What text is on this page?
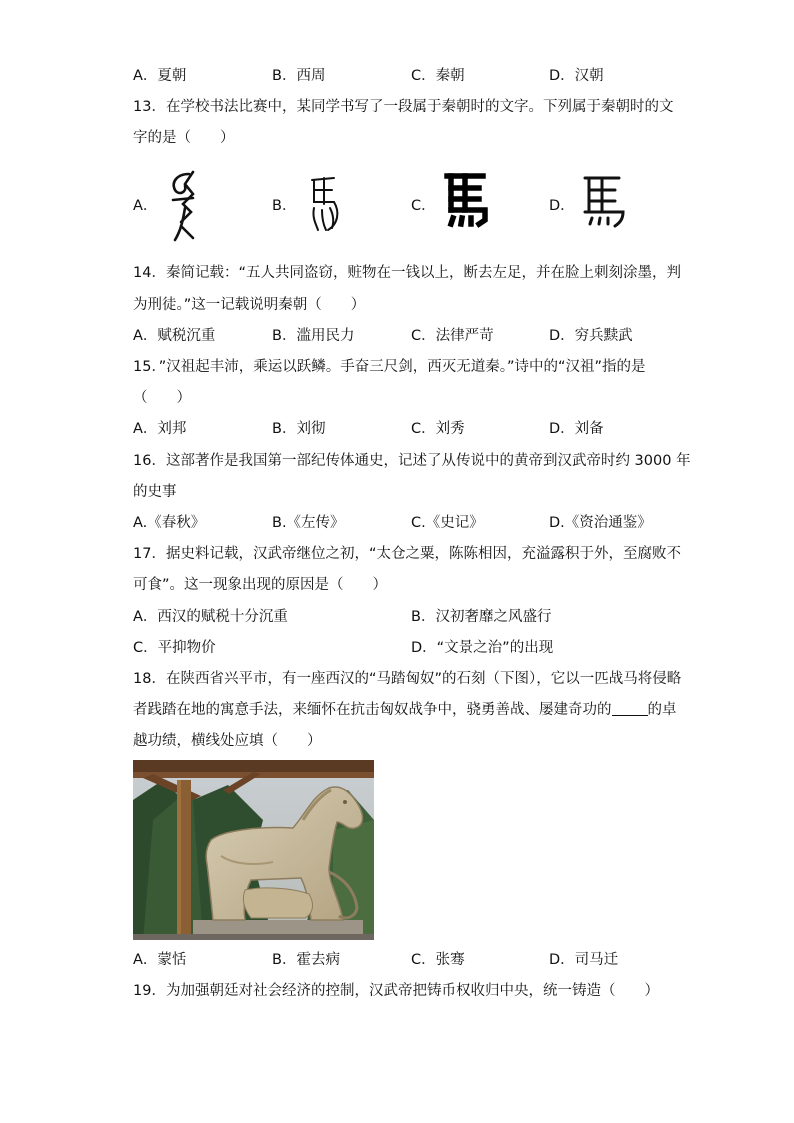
A．夏朝	B．西周	C．秦朝	D．汉朝
13．在学校书法比赛中，某同学书写了一段属于秦朝时的文字。下列属于秦朝时的文
字的是（　　）
A．	B．	C．	D．
14．秦简记载：“五人共同盗窃，赃物在一钱以上，断去左足，并在脸上刺刻涂墨，判
为刑徒。”这一记载说明秦朝（　　）
A．赋税沉重	B．滥用民力	C．法律严苛	D．穷兵黩武
15．”汉祖起丰沛，乘运以跃鳞。手奋三尺剑，西灭无道秦。”诗中的“汉祖”指的是
（　　）
A．刘邦	B．刘彻	C．刘秀	D．刘备
16．这部著作是我国第一部纪传体通史，记述了从传说中的黄帝到汉武帝时约 3000 年
的史事
A.《春秋》	B.《左传》	C.《史记》	D.《资治通鉴》
17．据史料记载，汉武帝继位之初，“太仓之粟，陈陈相因，充溢露积于外，至腐败不
可食”。这一现象出现的原因是（　　）
A．西汉的赋税十分沉重	B．汉初奢靡之风盛行
C．平抑物价	D．“文景之治”的出现
18．在陕西省兴平市，有一座西汉的“马踏匈奴”的石刻（下图），它以一匹战马将侵略
者践踏在地的寓意手法，来缅怀在抗击匈奴战争中，骁勇善战、屡建奇功的 的卓
越功绩，横线处应填（　　）
A．蒙恬	B．霍去病	C．张骞	D．司马迁
19．为加强朝廷对社会经济的控制，汉武帝把铸币权收归中央，统一铸造（　　）
